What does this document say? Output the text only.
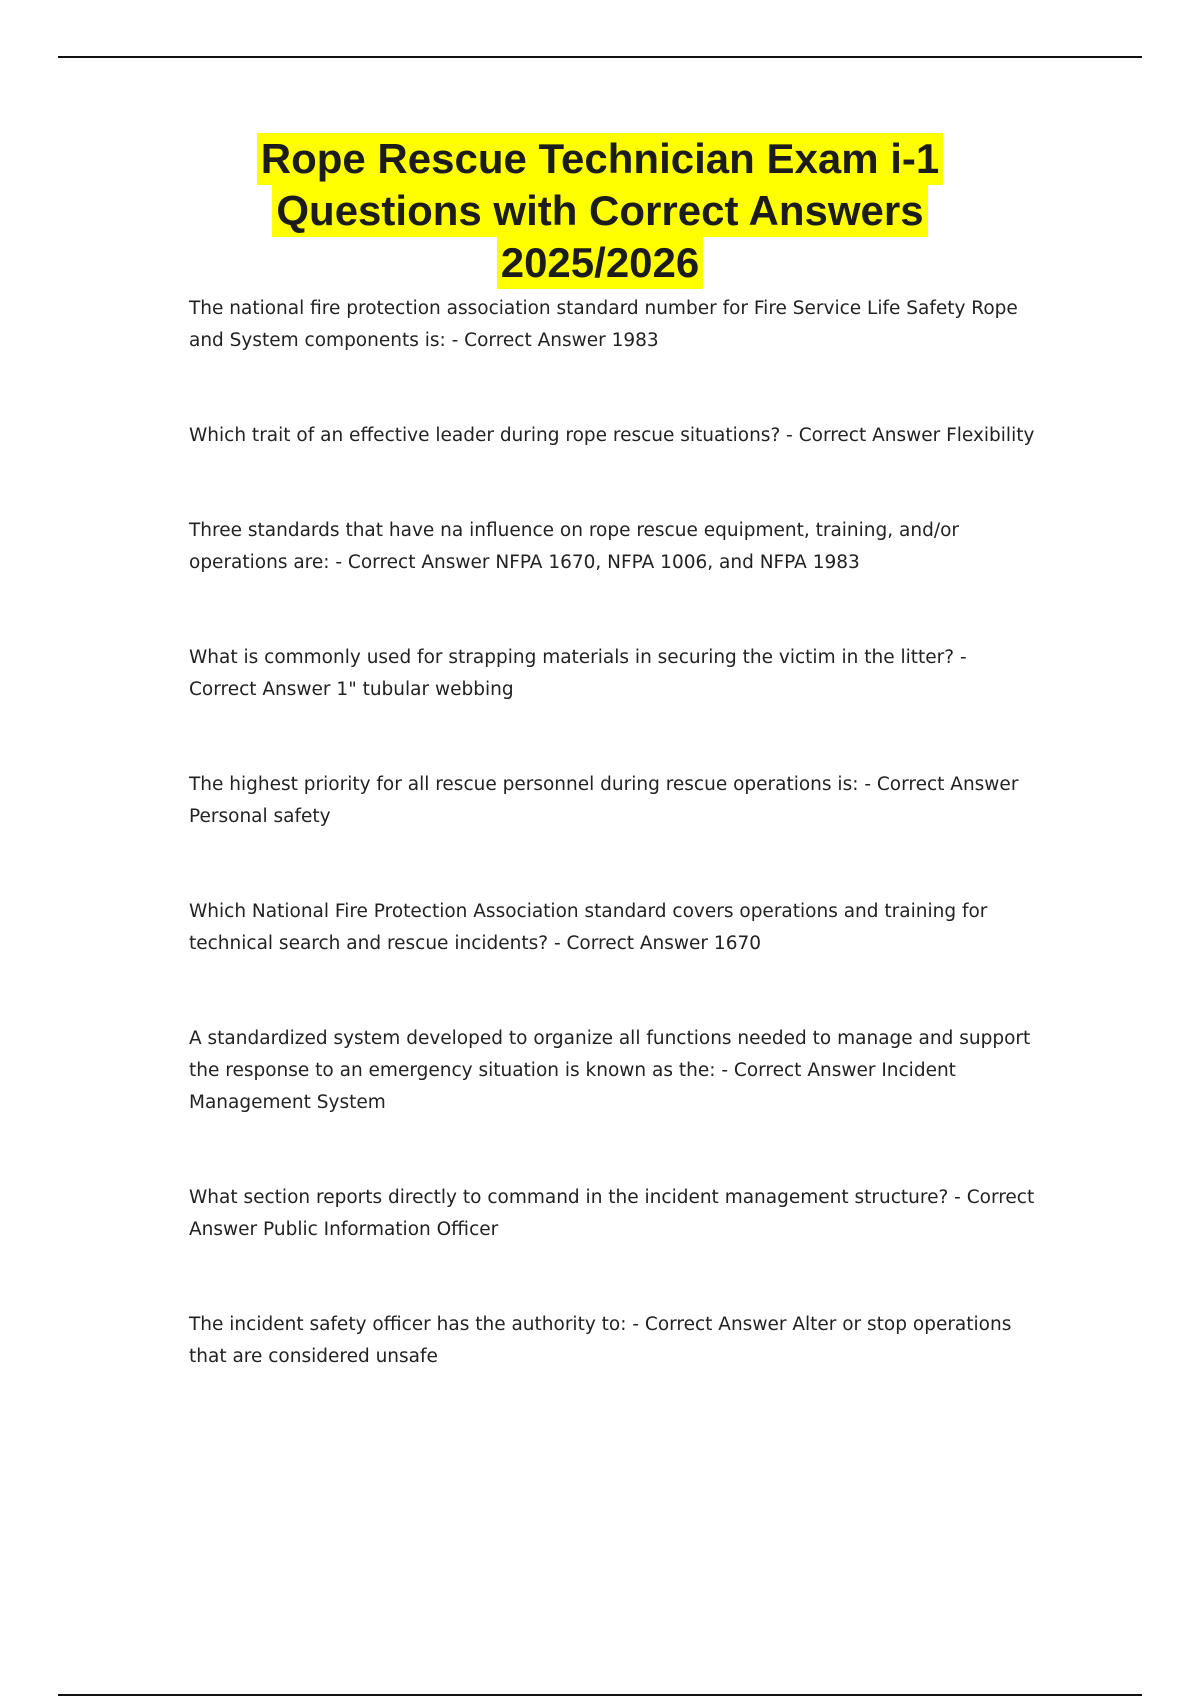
Rope Rescue Technician Exam i-1
Questions with Correct Answers
2025/2026

The national fire protection association standard number for Fire Service Life Safety Rope and System components is: - Correct Answer 1983

Which trait of an effective leader during rope rescue situations? - Correct Answer Flexibility

Three standards that have na influence on rope rescue equipment, training, and/or operations are: - Correct Answer NFPA 1670, NFPA 1006, and NFPA 1983

What is commonly used for strapping materials in securing the victim in the litter? - Correct Answer 1" tubular webbing

The highest priority for all rescue personnel during rescue operations is: - Correct Answer Personal safety

Which National Fire Protection Association standard covers operations and training for technical search and rescue incidents? - Correct Answer 1670

A standardized system developed to organize all functions needed to manage and support the response to an emergency situation is known as the: - Correct Answer Incident Management System

What section reports directly to command in the incident management structure? - Correct Answer Public Information Officer

The incident safety officer has the authority to: - Correct Answer Alter or stop operations that are considered unsafe
